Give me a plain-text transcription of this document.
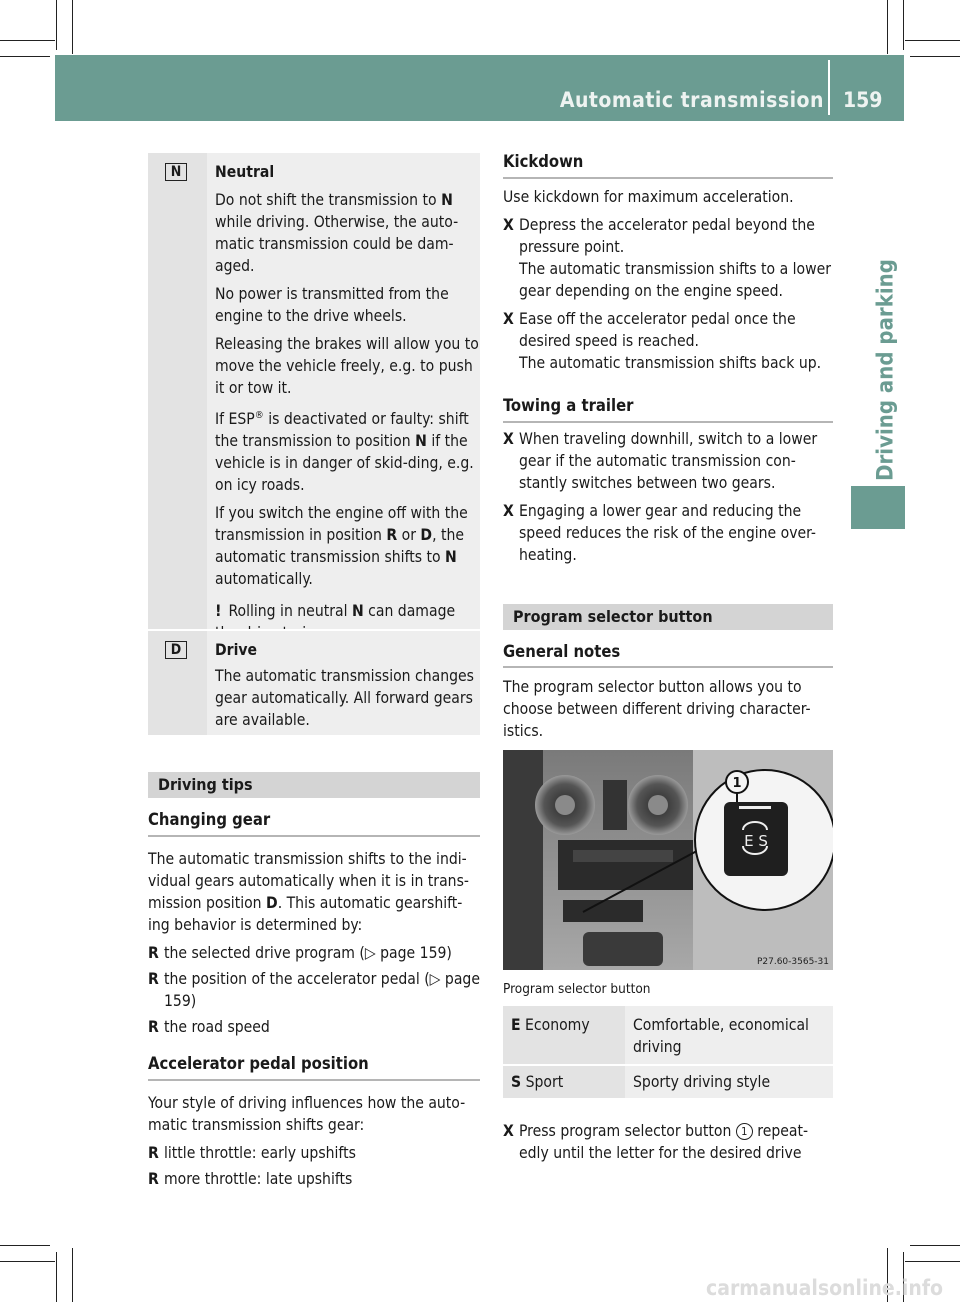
Automatic transmission 159
Driving and parking
N	Neutral
Do not shift the transmission to N while driving. Otherwise, the auto-matic transmission could be dam-aged.
No power is transmitted from the engine to the drive wheels.
Releasing the brakes will allow you to move the vehicle freely, e.g. to push it or tow it.
If ESP® is deactivated or faulty: shift the transmission to position N if the vehicle is in danger of skid-ding, e.g. on icy roads.
If you switch the engine off with the transmission in position R or D, the automatic transmission shifts to N automatically.
! Rolling in neutral N can damage
D	Drive
The automatic transmission changes gear automatically. All forward gears are available.
Driving tips
Changing gear
The automatic transmission shifts to the indi-vidual gears automatically when it is in trans-mission position D. This automatic gearshift-ing behavior is determined by:
R the selected drive program (▷ page 159)
R the position of the accelerator pedal (▷ page 159)
R the road speed
Accelerator pedal position
Your style of driving influences how the auto-matic transmission shifts gear:
R little throttle: early upshifts
R more throttle: late upshifts
Kickdown
Use kickdown for maximum acceleration.
X Depress the accelerator pedal beyond the pressure point.
The automatic transmission shifts to a lower gear depending on the engine speed.
X Ease off the accelerator pedal once the desired speed is reached.
The automatic transmission shifts back up.
Towing a trailer
X When traveling downhill, switch to a lower gear if the automatic transmission con-stantly switches between two gears.
X Engaging a lower gear and reducing the speed reduces the risk of the engine over-heating.
Program selector button
General notes
The program selector button allows you to choose between different driving character-istics.
1
E S
P27.60-3565-31
Program selector button
E Economy	Comfortable, economical driving
S Sport	Sporty driving style
X Press program selector button 1 repeat-edly until the letter for the desired drive
carmanualsonline.info
